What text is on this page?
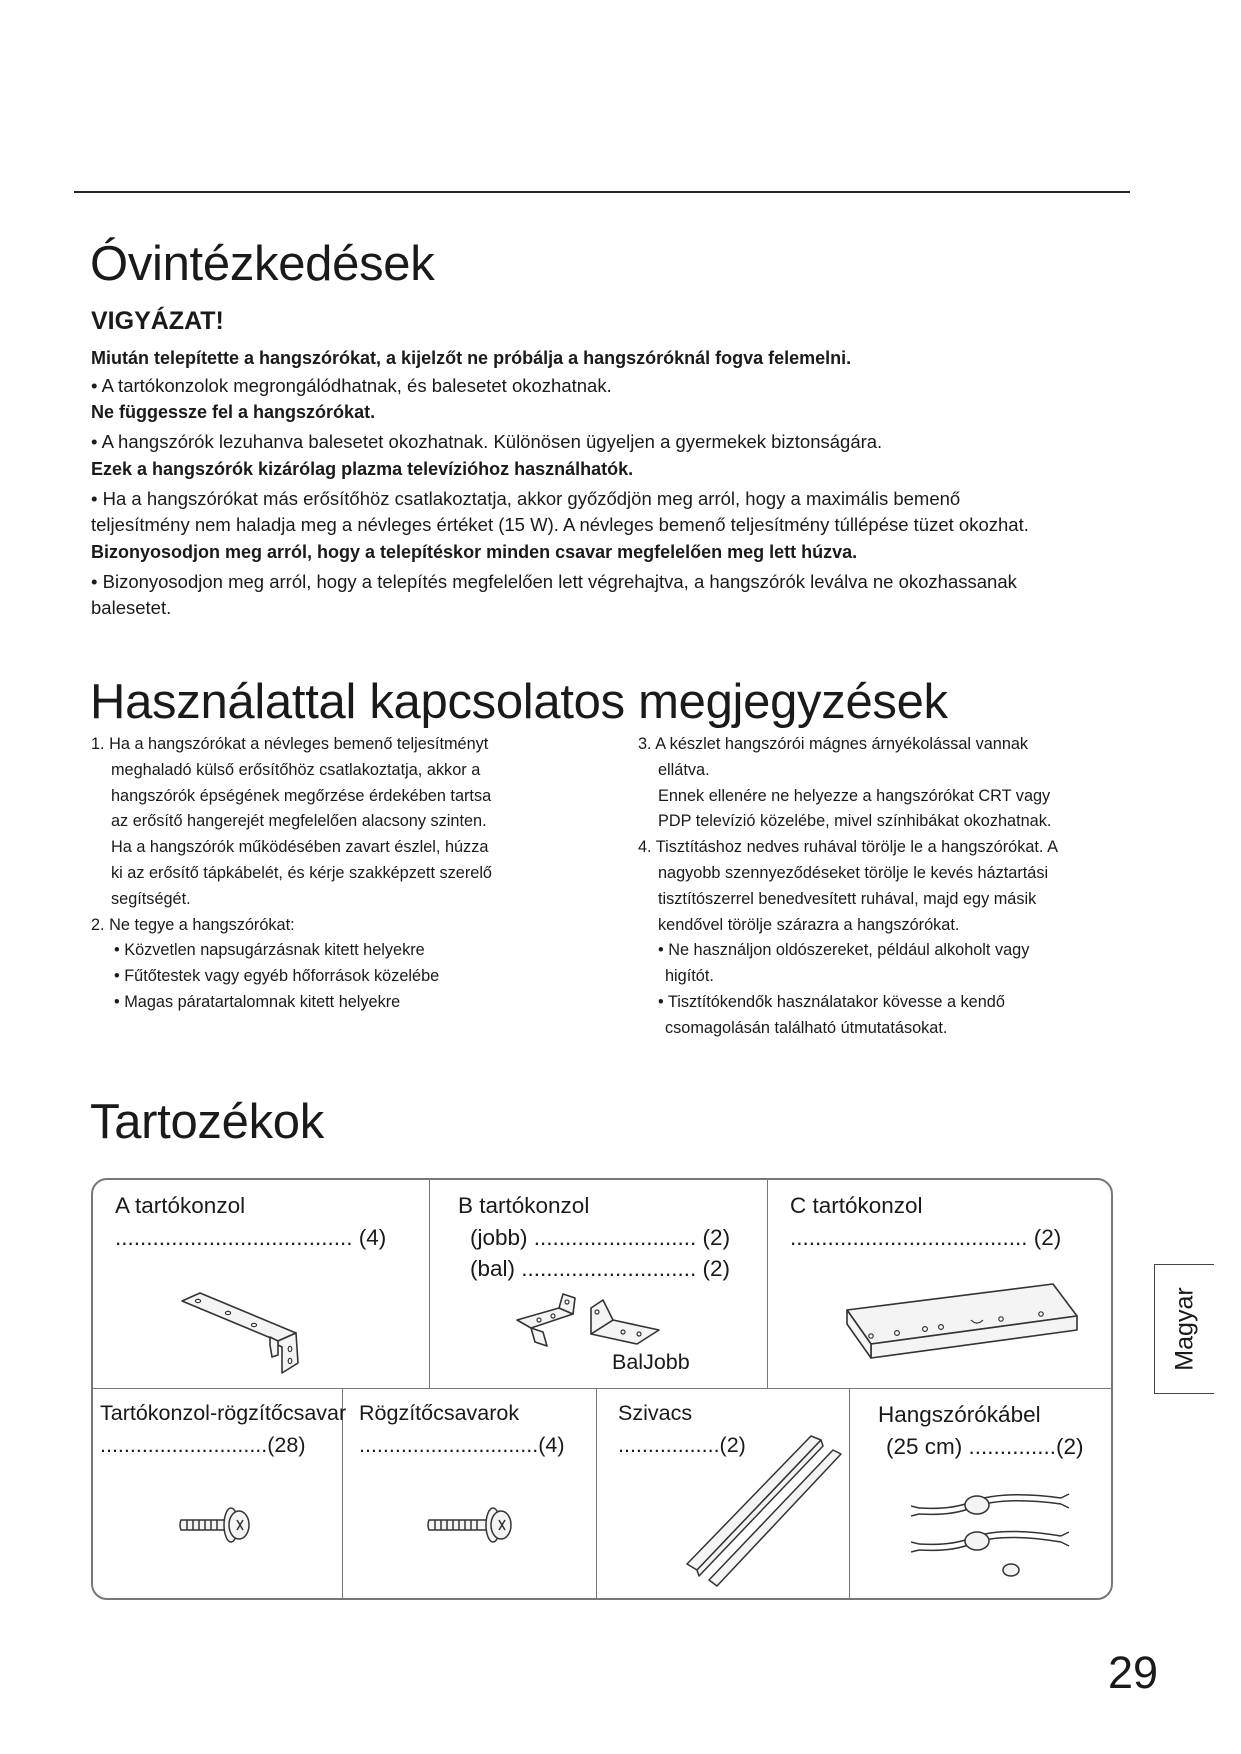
Óvintézkedések
VIGYÁZAT!
Miután telepítette a hangszórókat, a kijelzőt ne próbálja a hangszóróknál fogva felemelni.
• A tartókonzolok megrongálódhatnak, és balesetet okozhatnak.
Ne függessze fel a hangszórókat.
• A hangszórók lezuhanva balesetet okozhatnak. Különösen ügyeljen a gyermekek biztonságára.
Ezek a hangszórók kizárólag plazma televízióhoz használhatók.
• Ha a hangszórókat más erősítőhöz csatlakoztatja, akkor győződjön meg arról, hogy a maximális bemenő
teljesítmény nem haladja meg a névleges értéket (15 W). A névleges bemenő teljesítmény túllépése tüzet okozhat.
Bizonyosodjon meg arról, hogy a telepítéskor minden csavar megfelelően meg lett húzva.
• Bizonyosodjon meg arról, hogy a telepítés megfelelően lett végrehajtva, a hangszórók leválva ne okozhassanak
balesetet.
Használattal kapcsolatos megjegyzések
1. Ha a hangszórókat a névleges bemenő teljesítményt
meghaladó külső erősítőhöz csatlakoztatja, akkor a
hangszórók épségének megőrzése érdekében tartsa
az erősítő hangerejét megfelelően alacsony szinten.
Ha a hangszórók működésében zavart észlel, húzza
ki az erősítő tápkábelét, és kérje szakképzett szerelő
segítségét.
2. Ne tegye a hangszórókat:
• Közvetlen napsugárzásnak kitett helyekre
• Fűtőtestek vagy egyéb hőforrások közelébe
• Magas páratartalomnak kitett helyekre
3. A készlet hangszórói mágnes árnyékolással vannak
ellátva.
Ennek ellenére ne helyezze a hangszórókat CRT vagy
PDP televízió közelébe, mivel színhibákat okozhatnak.
4. Tisztításhoz nedves ruhával törölje le a hangszórókat. A
nagyobb szennyeződéseket törölje le kevés háztartási
tisztítószerrel benedvesített ruhával, majd egy másik
kendővel törölje szárazra a hangszórókat.
• Ne használjon oldószereket, például alkoholt vagy
higítót.
• Tisztítókendők használatakor kövesse a kendő
csomagolásán található útmutatásokat.
Tartozékok
A tartókonzol
...................................... (4)
B tartókonzol
(jobb) .......................... (2)
(bal) ............................ (2)
BalJobb
C tartókonzol
...................................... (2)
Tartókonzol-rögzítőcsavar
............................(28)
Rögzítőcsavarok
..............................(4)
Szivacs
.................(2)
Hangszórókábel
(25 cm) ..............(2)
Magyar
29
